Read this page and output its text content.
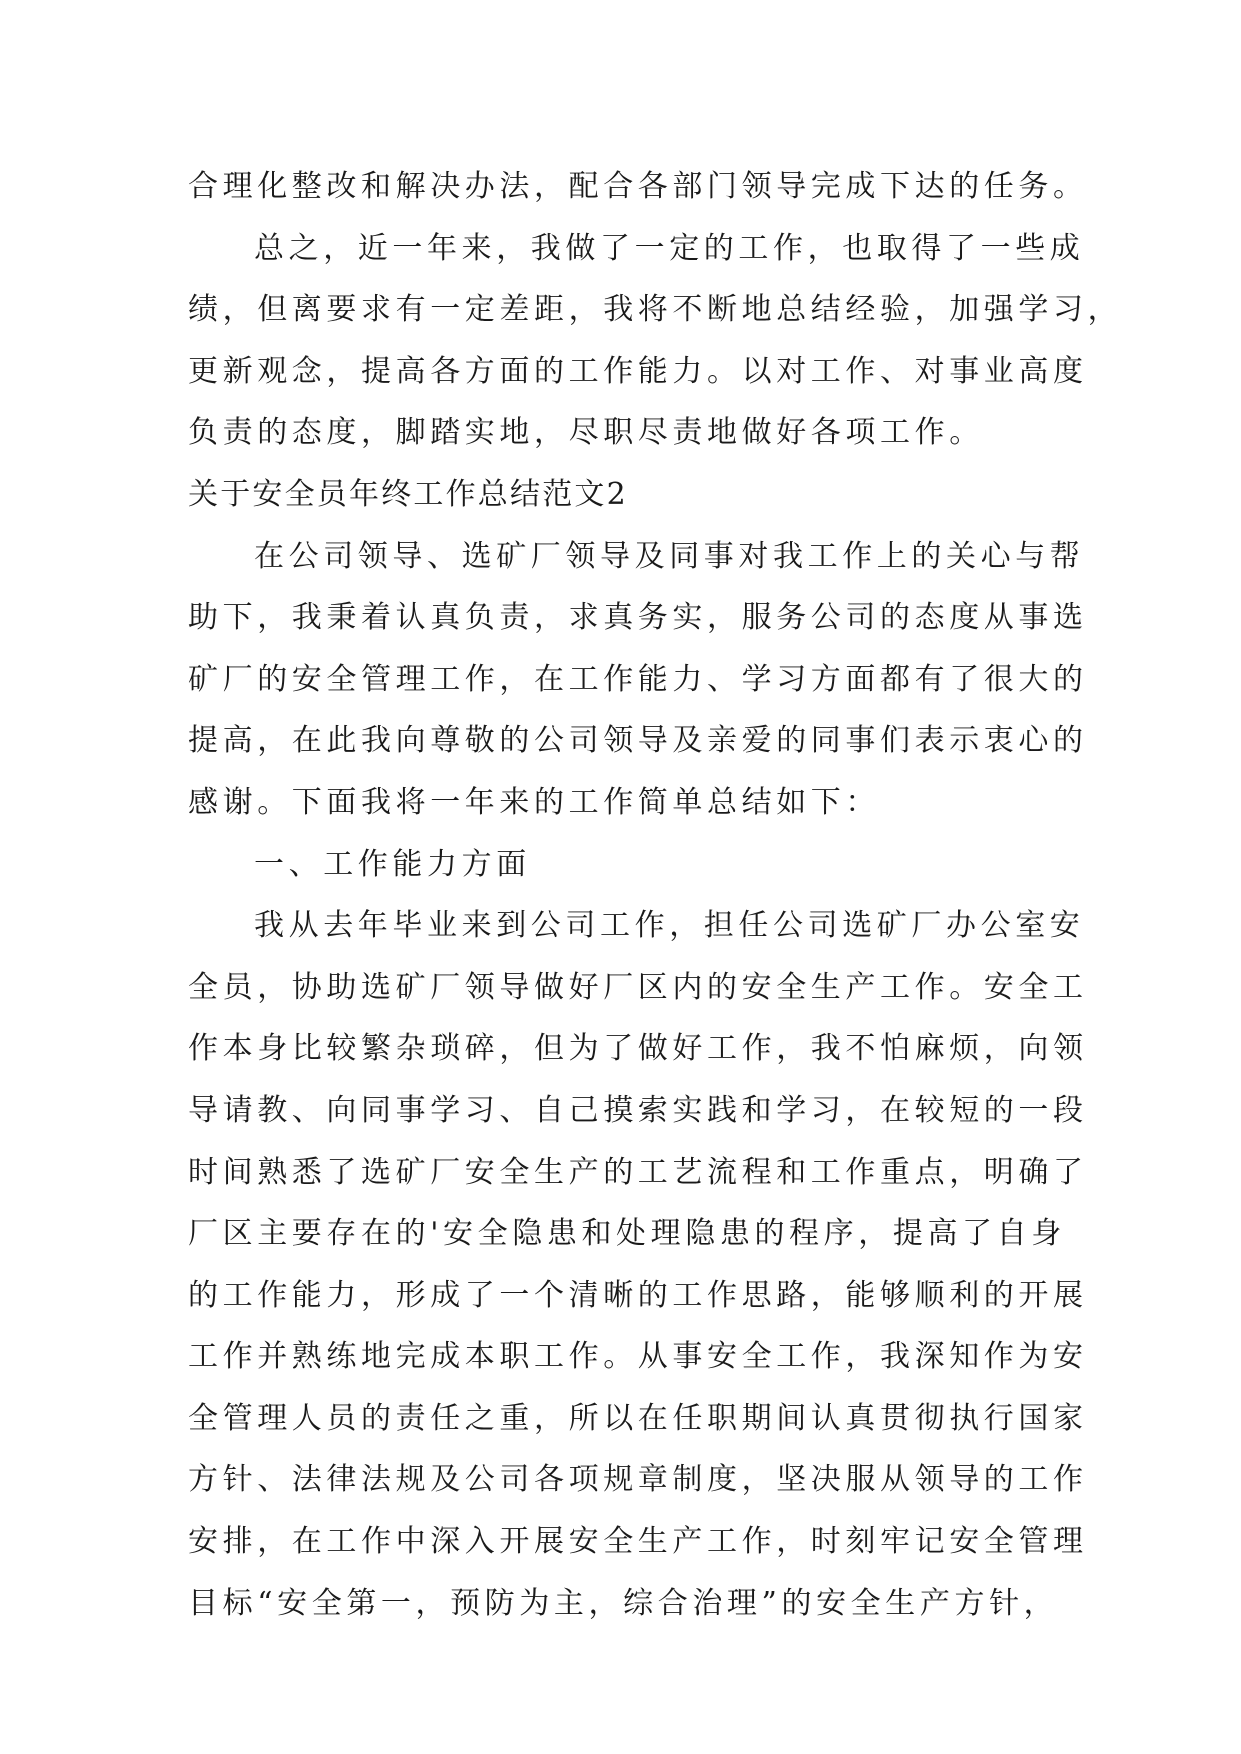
合理化整改和解决办法，配合各部门领导完成下达的任务。
总之，近一年来，我做了一定的工作，也取得了一些成
绩，但离要求有一定差距，我将不断地总结经验，加强学习，
更新观念，提高各方面的工作能力。以对工作、对事业高度
负责的态度，脚踏实地，尽职尽责地做好各项工作。
关于安全员年终工作总结范文2
在公司领导、选矿厂领导及同事对我工作上的关心与帮
助下，我秉着认真负责，求真务实，服务公司的态度从事选
矿厂的安全管理工作，在工作能力、学习方面都有了很大的
提高，在此我向尊敬的公司领导及亲爱的同事们表示衷心的
感谢。下面我将一年来的工作简单总结如下：
一、工作能力方面
我从去年毕业来到公司工作，担任公司选矿厂办公室安
全员，协助选矿厂领导做好厂区内的安全生产工作。安全工
作本身比较繁杂琐碎，但为了做好工作，我不怕麻烦，向领
导请教、向同事学习、自己摸索实践和学习，在较短的一段
时间熟悉了选矿厂安全生产的工艺流程和工作重点，明确了
厂区主要存在的'安全隐患和处理隐患的程序，提高了自身
的工作能力，形成了一个清晰的工作思路，能够顺利的开展
工作并熟练地完成本职工作。从事安全工作，我深知作为安
全管理人员的责任之重，所以在任职期间认真贯彻执行国家
方针、法律法规及公司各项规章制度，坚决服从领导的工作
安排，在工作中深入开展安全生产工作，时刻牢记安全管理
目标“安全第一，预防为主，综合治理”的安全生产方针，
